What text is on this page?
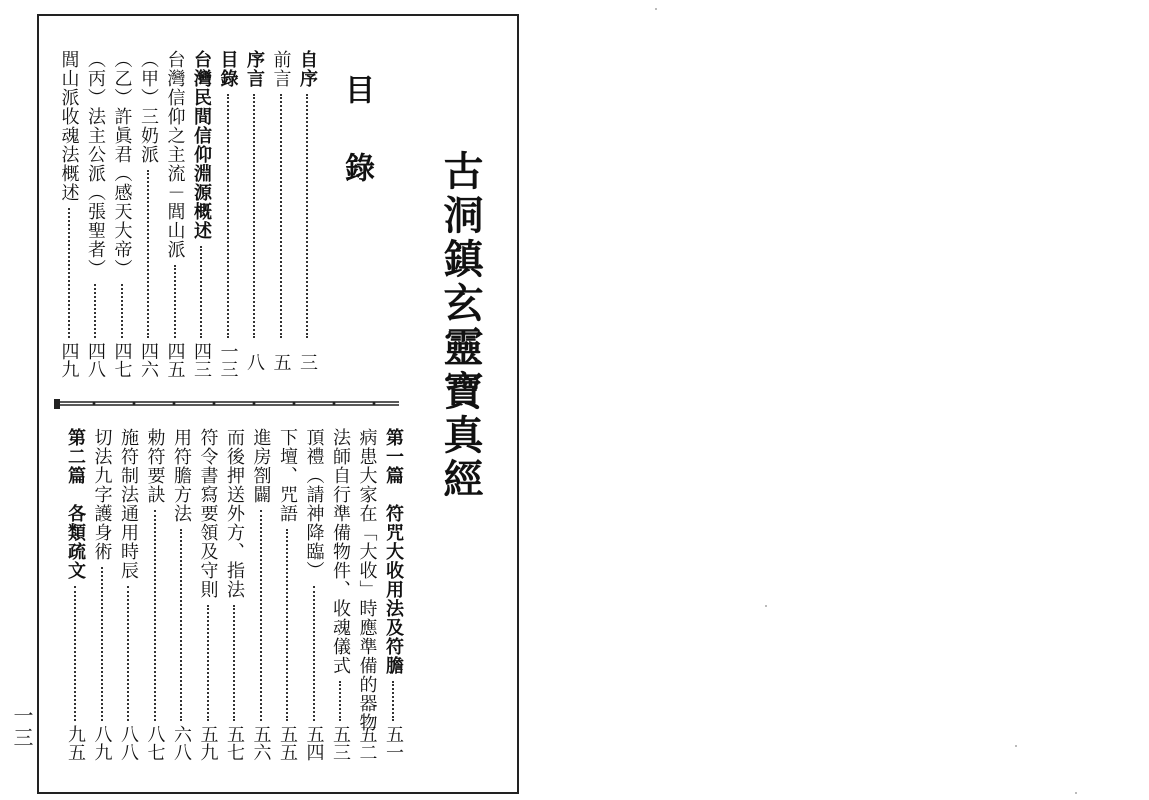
古洞鎮玄靈寶真經
目錄
自序
三
前言
五
序言
八
目錄
一三
台灣民間信仰淵源概述
四三
台灣信仰之主流－閭山派
四五
（甲）三奶派
四六
（乙）許眞君（感天大帝）
四七
（丙）法主公派（張聖者）
四八
閭山派收魂法概述
四九
第一篇　符咒大收用法及符膽
五一
病患大家在「大收」時應準備的器物
五二
法師自行準備物件、收魂儀式
五三
頂禮（請神降臨）
五四
下壇、咒語
五五
進房劄闢
五六
而後押送外方、指法
五七
符令書寫要領及守則
五九
用符膽方法
六八
勅符要訣
八七
施符制法通用時辰
八八
切法九字護身術
八九
第二篇　各類疏文
九五
一三
